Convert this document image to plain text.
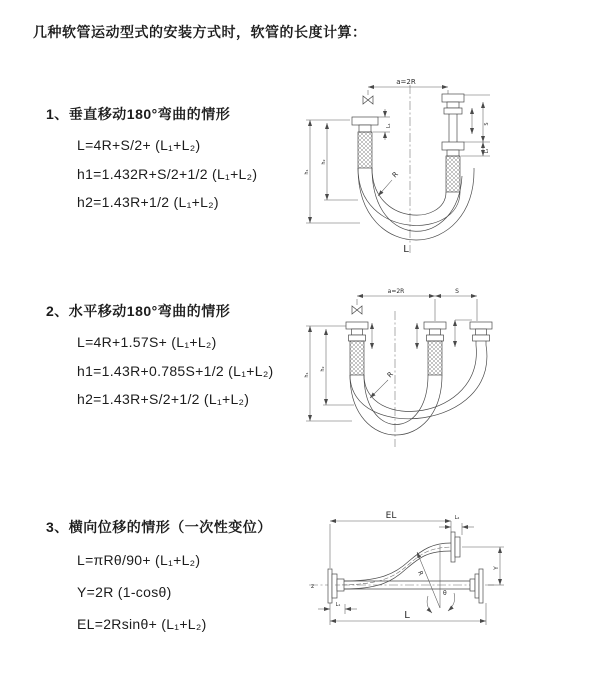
几种软管运动型式的安装方式时，软管的长度计算：
1、垂直移动180°弯曲的情形
L=4R+S/2+ (L₁+L₂)
h1=1.432R+S/2+1/2 (L₁+L₂)
h2=1.43R+1/2 (L₁+L₂)
2、水平移动180°弯曲的情形
L=4R+1.57S+ (L₁+L₂)
h1=1.43R+0.785S+1/2 (L₁+L₂)
h2=1.43R+S/2+1/2 (L₁+L₂)
3、横向位移的情形（一次性变位）
L=πRθ/90+ (L₁+L₂)
Y=2R (1-cosθ)
EL=2Rsinθ+ (L₁+L₂)
a=2R
L₁
h₁
h₂
S
L₂
R
L
a=2R	S
h₁
h₂
R
z
R
θ
EL	L₂
Y
L
L₁
